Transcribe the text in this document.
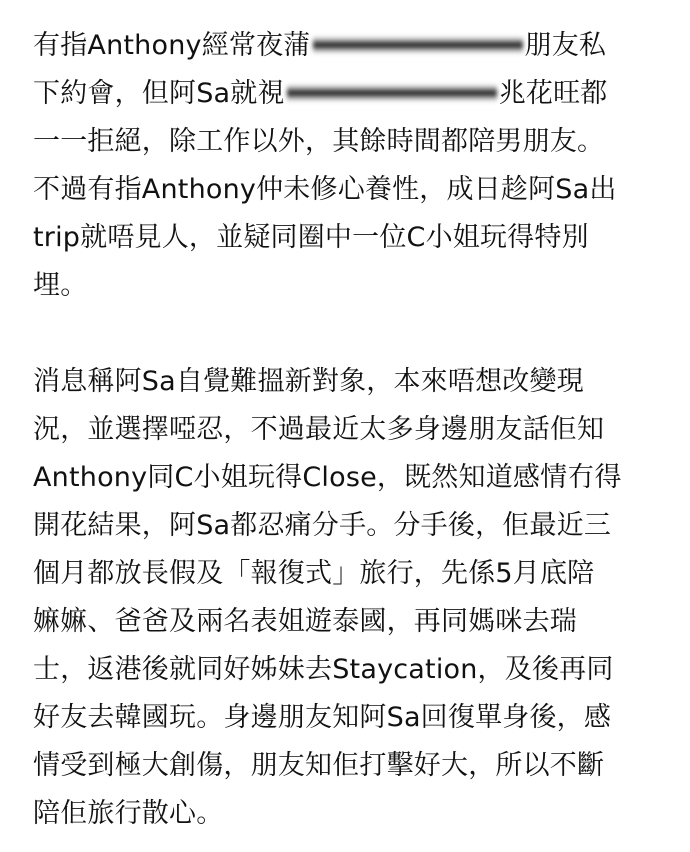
有指Anthony經常夜蒲	朋友私
下約會，但阿Sa就視	兆花旺都
一一拒絕，除工作以外，其餘時間都陪男朋友。
不過有指Anthony仲未修心養性，成日趁阿Sa出
trip就唔見人，並疑同圈中一位C小姐玩得特別
埋。
消息稱阿Sa自覺難搵新對象，本來唔想改變現
況，並選擇啞忍，不過最近太多身邊朋友話佢知
Anthony同C小姐玩得Close，既然知道感情冇得
開花結果，阿Sa都忍痛分手。分手後，佢最近三
個月都放長假及「報復式」旅行，先係5月底陪
嫲嫲、爸爸及兩名表姐遊泰國，再同媽咪去瑞
士，返港後就同好姊妹去Staycation，及後再同
好友去韓國玩。身邊朋友知阿Sa回復單身後，感
情受到極大創傷，朋友知佢打擊好大，所以不斷
陪佢旅行散心。
